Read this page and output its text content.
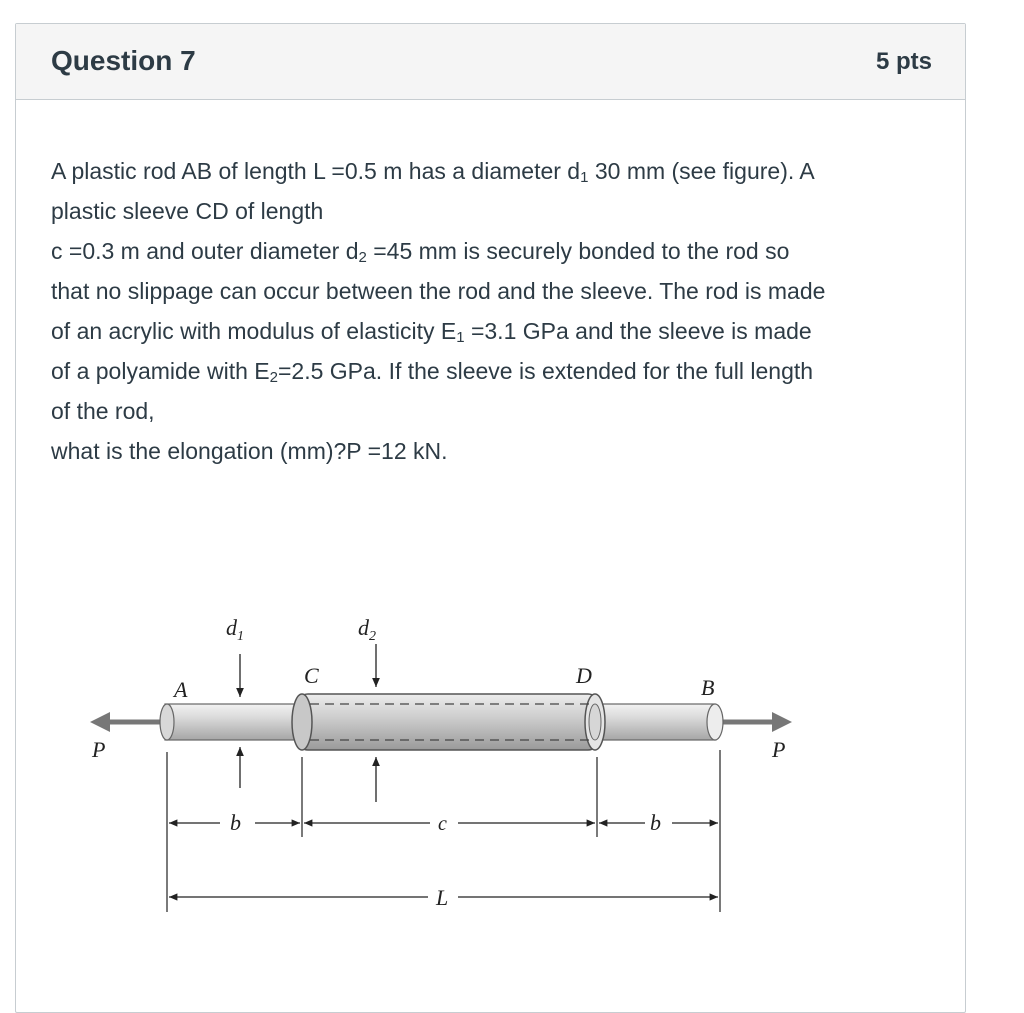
Question 7	5 pts

A plastic rod AB of length L =0.5 m has a diameter $d_1$ 30 mm (see figure). A

plastic sleeve CD of length

c =0.3 m and outer diameter $d_2 =45$ mm is securely bonded to the rod so

that no slippage can occur between the rod and the sleeve. The rod is made

of an acrylic with modulus of elasticity $E_1 =3.1$ GPa and the sleeve is made

of a polyamide with $E_2=2.5$ GPa. If the sleeve is extended for the full length

of the rod,

what is the elongation (mm)?P =12 kN.

P	P
A
C	D	B
$d_1$	$d_2$
b	c	b
L
